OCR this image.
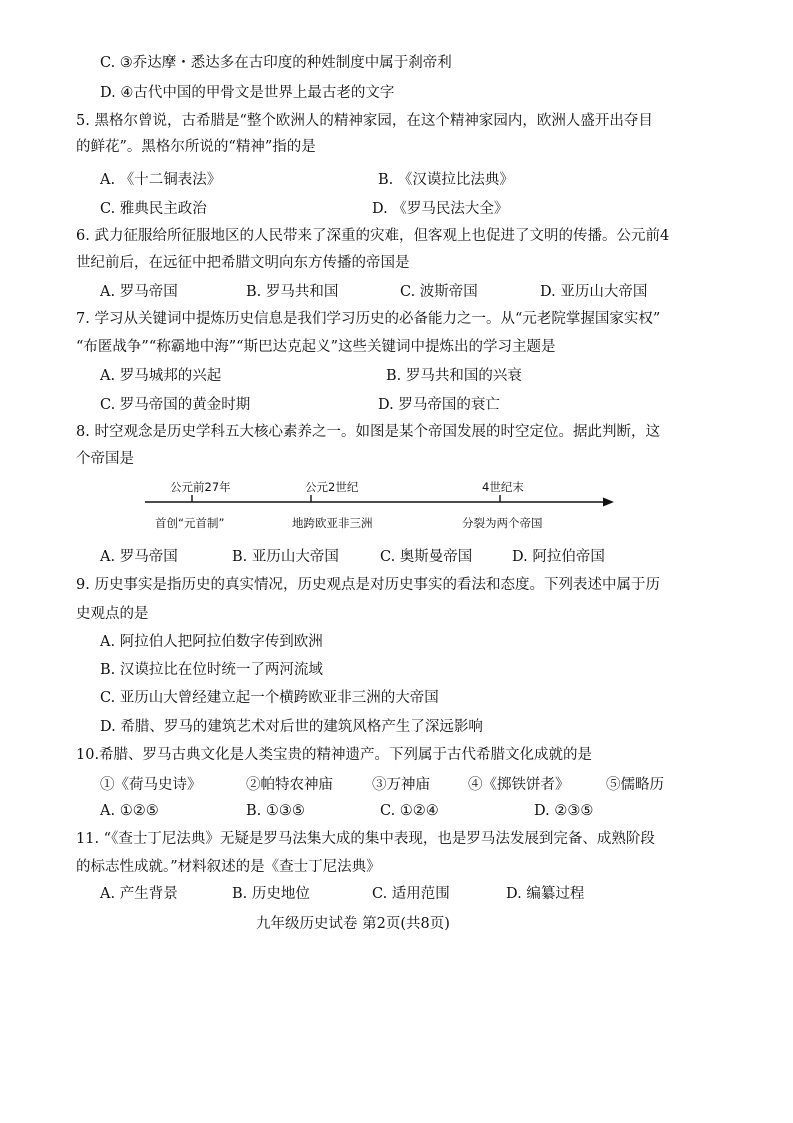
C. ③乔达摩・悉达多在古印度的种姓制度中属于刹帝利
D. ④古代中国的甲骨文是世界上最古老的文字
5. 黑格尔曾说，古希腊是“整个欧洲人的精神家园，在这个精神家园内，欧洲人盛开出夺目
的鲜花”。黑格尔所说的“精神”指的是
A. 《十二铜表法》	B. 《汉谟拉比法典》
C. 雅典民主政治	D. 《罗马民法大全》
6. 武力征服给所征服地区的人民带来了深重的灾难，但客观上也促进了文明的传播。公元前4
世纪前后，在远征中把希腊文明向东方传播的帝国是
A. 罗马帝国	B. 罗马共和国	C. 波斯帝国	D. 亚历山大帝国
7. 学习从关键词中提炼历史信息是我们学习历史的必备能力之一。从“元老院掌握国家实权”
“布匿战争”“称霸地中海”“斯巴达克起义”这些关键词中提炼出的学习主题是
A. 罗马城邦的兴起	B. 罗马共和国的兴衰
C. 罗马帝国的黄金时期	D. 罗马帝国的衰亡
8. 时空观念是历史学科五大核心素养之一。如图是某个帝国发展的时空定位。据此判断，这
个帝国是
公元前27年	公元2世纪	4世纪末
首创“元首制”	地跨欧亚非三洲	分裂为两个帝国
A. 罗马帝国	B. 亚历山大帝国	C. 奥斯曼帝国	D. 阿拉伯帝国
9. 历史事实是指历史的真实情况，历史观点是对历史事实的看法和态度。下列表述中属于历
史观点的是
A. 阿拉伯人把阿拉伯数字传到欧洲
B. 汉谟拉比在位时统一了两河流域
C. 亚历山大曾经建立起一个横跨欧亚非三洲的大帝国
D. 希腊、罗马的建筑艺术对后世的建筑风格产生了深远影响
10.希腊、罗马古典文化是人类宝贵的精神遗产。下列属于古代希腊文化成就的是
①《荷马史诗》	②帕特农神庙	③万神庙	④《掷铁饼者》	⑤儒略历
A. ①②⑤	B. ①③⑤	C. ①②④	D. ②③⑤
11. “《查士丁尼法典》无疑是罗马法集大成的集中表现，也是罗马法发展到完备、成熟阶段
的标志性成就。”材料叙述的是《查士丁尼法典》
A. 产生背景	B. 历史地位	C. 适用范围	D. 编纂过程
九年级历史试卷 第2页(共8页)
